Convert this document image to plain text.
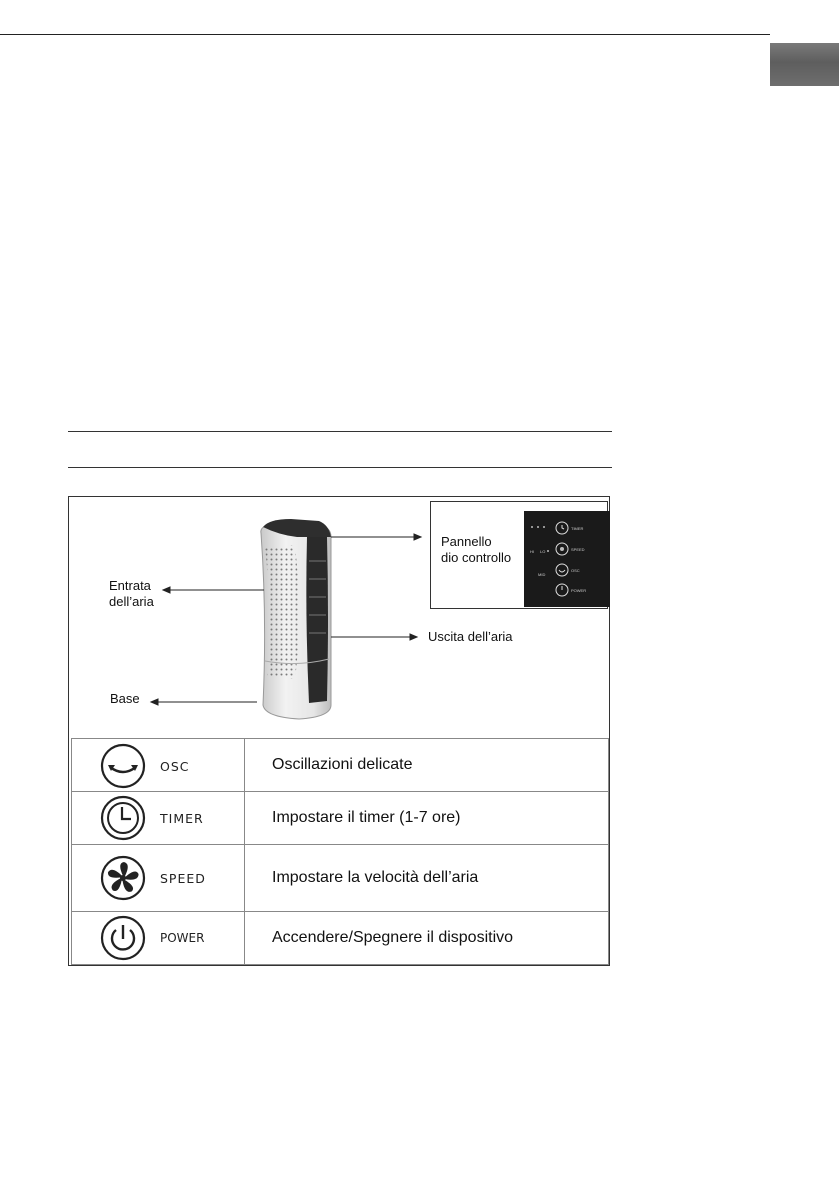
Entrata
dell’aria
Base
Uscita dell’aria
Pannello
dio controllo
TIMER
SPEED
OSC
POWER
LO
HI
MID
OSC	Oscillazioni delicate

TIMER	Impostare il timer (1-7 ore)

SPEED	Impostare la velocità dell’aria

POWER	Accendere/Spegnere il dispositivo
